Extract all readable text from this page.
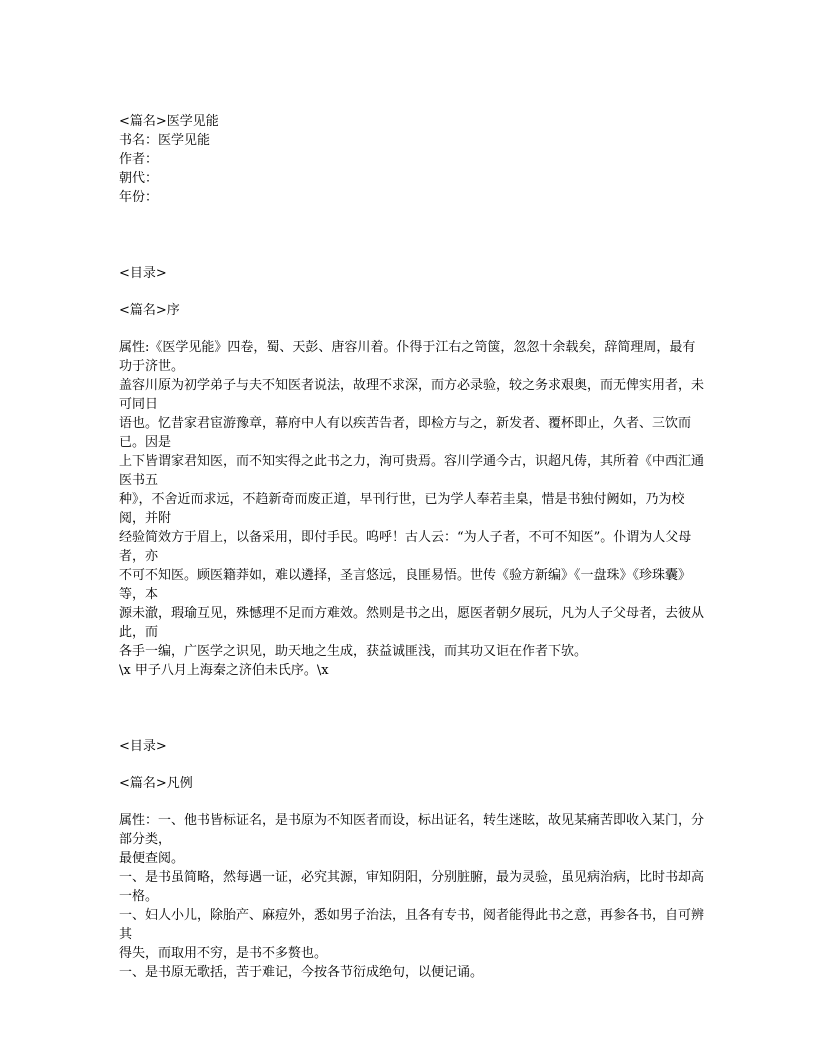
<篇名>医学见能
书名：医学见能
作者：
朝代：
年份：
<目录>
<篇名>序
属性:《医学见能》四卷，蜀、天彭、唐容川着。仆得于江右之笥箧，忽忽十余载矣，辞简理周，最有功于济世。
盖容川原为初学弟子与夫不知医者说法，故理不求深，而方必录验，较之务求艰奥，而无俾实用者，未可同日
语也。忆昔家君宦游豫章，幕府中人有以疾苦告者，即检方与之，新发者、覆杯即止，久者、三饮而已。因是
上下皆谓家君知医，而不知实得之此书之力，洵可贵焉。容川学通今古，识超凡俦，其所着《中西汇通医书五
种》，不舍近而求远，不趋新奇而废正道，早刊行世，已为学人奉若圭臬，惜是书独付阙如，乃为校阅，并附
经验简效方于眉上，以备采用，即付手民。呜呼！古人云：“为人子者，不可不知医”。仆谓为人父母者，亦
不可不知医。顾医籍莽如，难以遴择，圣言悠远，良匪易悟。世传《验方新编》《一盘珠》《珍珠囊》等，本
源未澈，瑕瑜互见，殊憾理不足而方难效。然则是书之出，愿医者朝夕展玩，凡为人子父母者，去彼从此，而
各手一编，广医学之识见，助天地之生成，获益诚匪浅，而其功又讵在作者下欤。
\x 甲子八月上海秦之济伯未氏序。\x
<目录>
<篇名>凡例
属性：一、他书皆标证名，是书原为不知医者而设，标出证名，转生迷眩，故见某痛苦即收入某门，分部分类，
最便查阅。
一、是书虽简略，然每遇一证，必究其源，审知阴阳，分别脏腑，最为灵验，虽见病治病，比时书却高一格。
一、妇人小儿，除胎产、麻痘外，悉如男子治法，且各有专书，阅者能得此书之意，再参各书，自可辨其
得失，而取用不穷，是书不多赘也。
一、是书原无歌括，苦于难记，今按各节衍成绝句，以便记诵。
